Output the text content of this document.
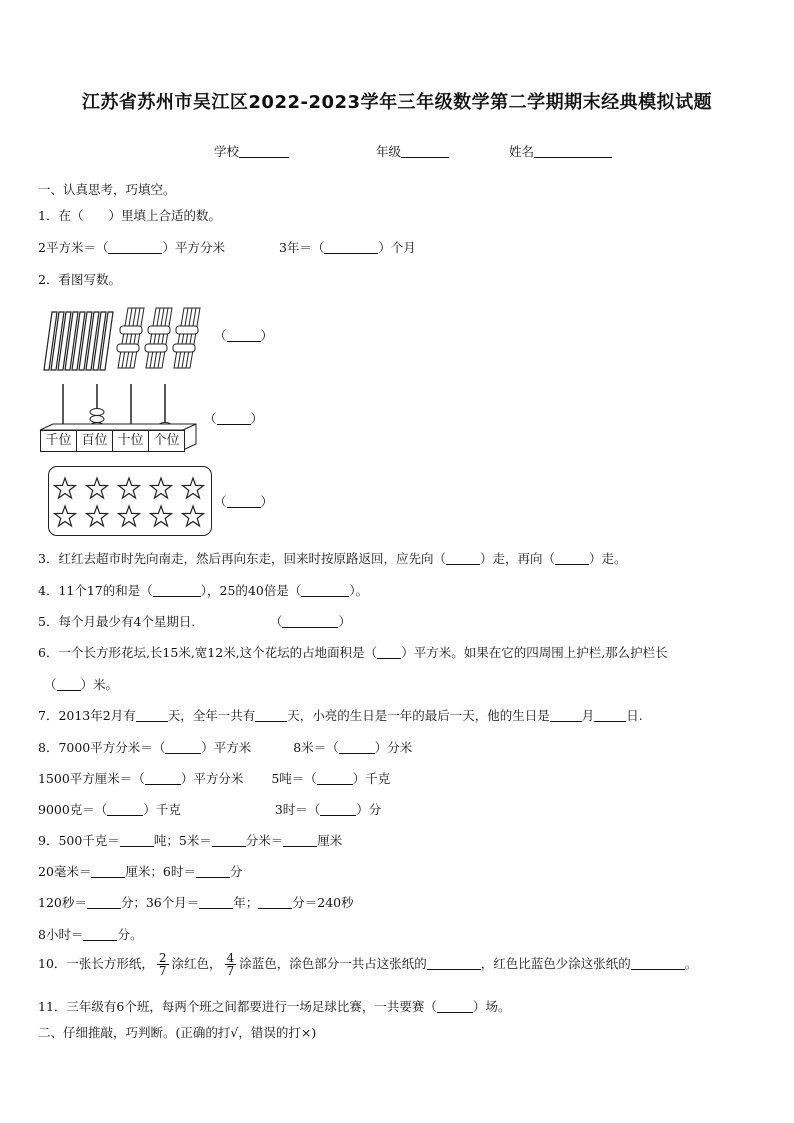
江苏省苏州市吴江区2022-2023学年三年级数学第二学期期末经典模拟试题
学校	年级	姓名
一、认真思考，巧填空。
1．在（　　）里填上合适的数。
2平方米＝（	）平方分米	3年＝（	）个月
2．看图写数。
（	）
千位 百位 十位 个位
（	）
（	）
3．红红去超市时先向南走，然后再向东走，回来时按原路返回，应先向（	）走，再向（	）走。
4．11个17的和是（	），25的40倍是（	）。
5．每个月最少有4个星期日．	（	）
6．一个长方形花坛,长15米,宽12米,这个花坛的占地面积是（ ）平方米。如果在它的四周围上护栏,那么护栏长
（ ）米。
7．2013年2月有	天，全年一共有	天，小亮的生日是一年的最后一天，他的生日是	月	日.
8．7000平方分米＝（	）平方米	8米＝（	）分米
1500平方厘米＝（	）平方分米 5吨＝（	）千克
9000克＝（	）千克	3时＝（	）分
9．500千克＝	吨；5米＝	分米＝	厘米
20毫米＝	厘米；6时＝	分
120秒＝	分；36个月＝	年；	分＝240秒
8小时＝	分。
10．一张长方形纸， $\frac{2}{7}$ 涂红色， $\frac{4}{7}$ 涂蓝色，涂色部分一共占这张纸的	，红色比蓝色少涂这张纸的	。
11．三年级有6个班，每两个班之间都要进行一场足球比赛，一共要赛（	）场。
二、仔细推敲，巧判断。(正确的打√，错误的打×)
